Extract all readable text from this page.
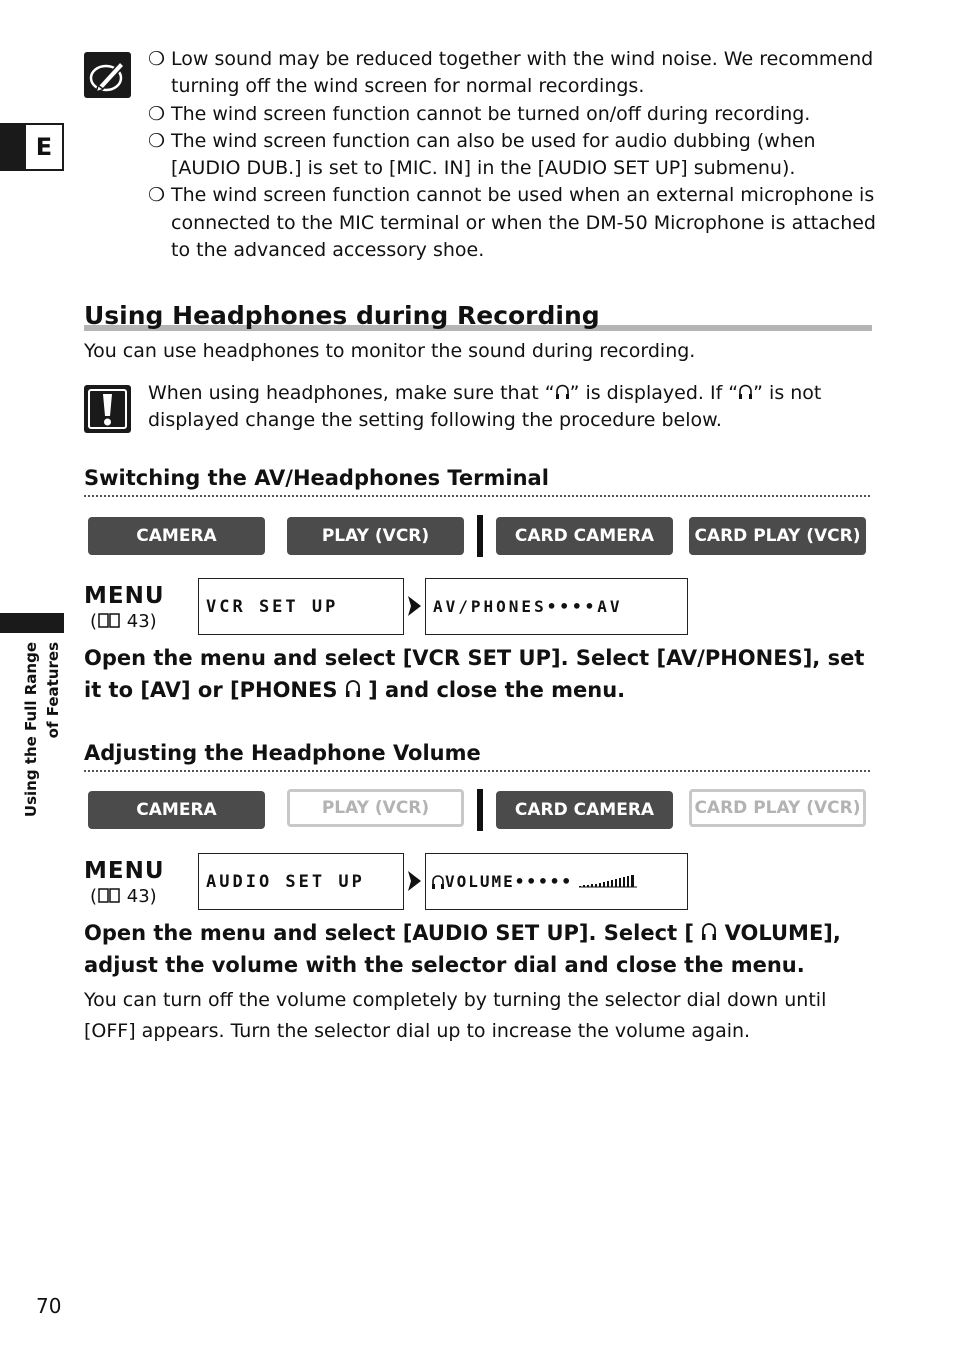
E
Using the Full Range of Features
❍ Low sound may be reduced together with the wind noise. We recommend turning off the wind screen for normal recordings.
❍ The wind screen function cannot be turned on/off during recording.
❍ The wind screen function can also be used for audio dubbing (when [AUDIO DUB.] is set to [MIC. IN] in the [AUDIO SET UP] submenu).
❍ The wind screen function cannot be used when an external microphone is connected to the MIC terminal or when the DM-50 Microphone is attached to the advanced accessory shoe.
Using Headphones during Recording
You can use headphones to monitor the sound during recording.
When using headphones, make sure that “ ” is displayed. If “ ” is not displayed change the setting following the procedure below.
Switching the AV/Headphones Terminal
CAMERA	PLAY (VCR)	CARD CAMERA	CARD PLAY (VCR)
MENU
( 43)
VCR SET UP	AV/PHONES••••AV
Open the menu and select [VCR SET UP]. Select [AV/PHONES], set it to [AV] or [PHONES  ] and close the menu.
Adjusting the Headphone Volume
CAMERA	PLAY (VCR)	CARD CAMERA	CARD PLAY (VCR)
MENU
( 43)
AUDIO SET UP	VOLUME•••••
Open the menu and select [AUDIO SET UP]. Select [  VOLUME], adjust the volume with the selector dial and close the menu.
You can turn off the volume completely by turning the selector dial down until [OFF] appears. Turn the selector dial up to increase the volume again.
70
